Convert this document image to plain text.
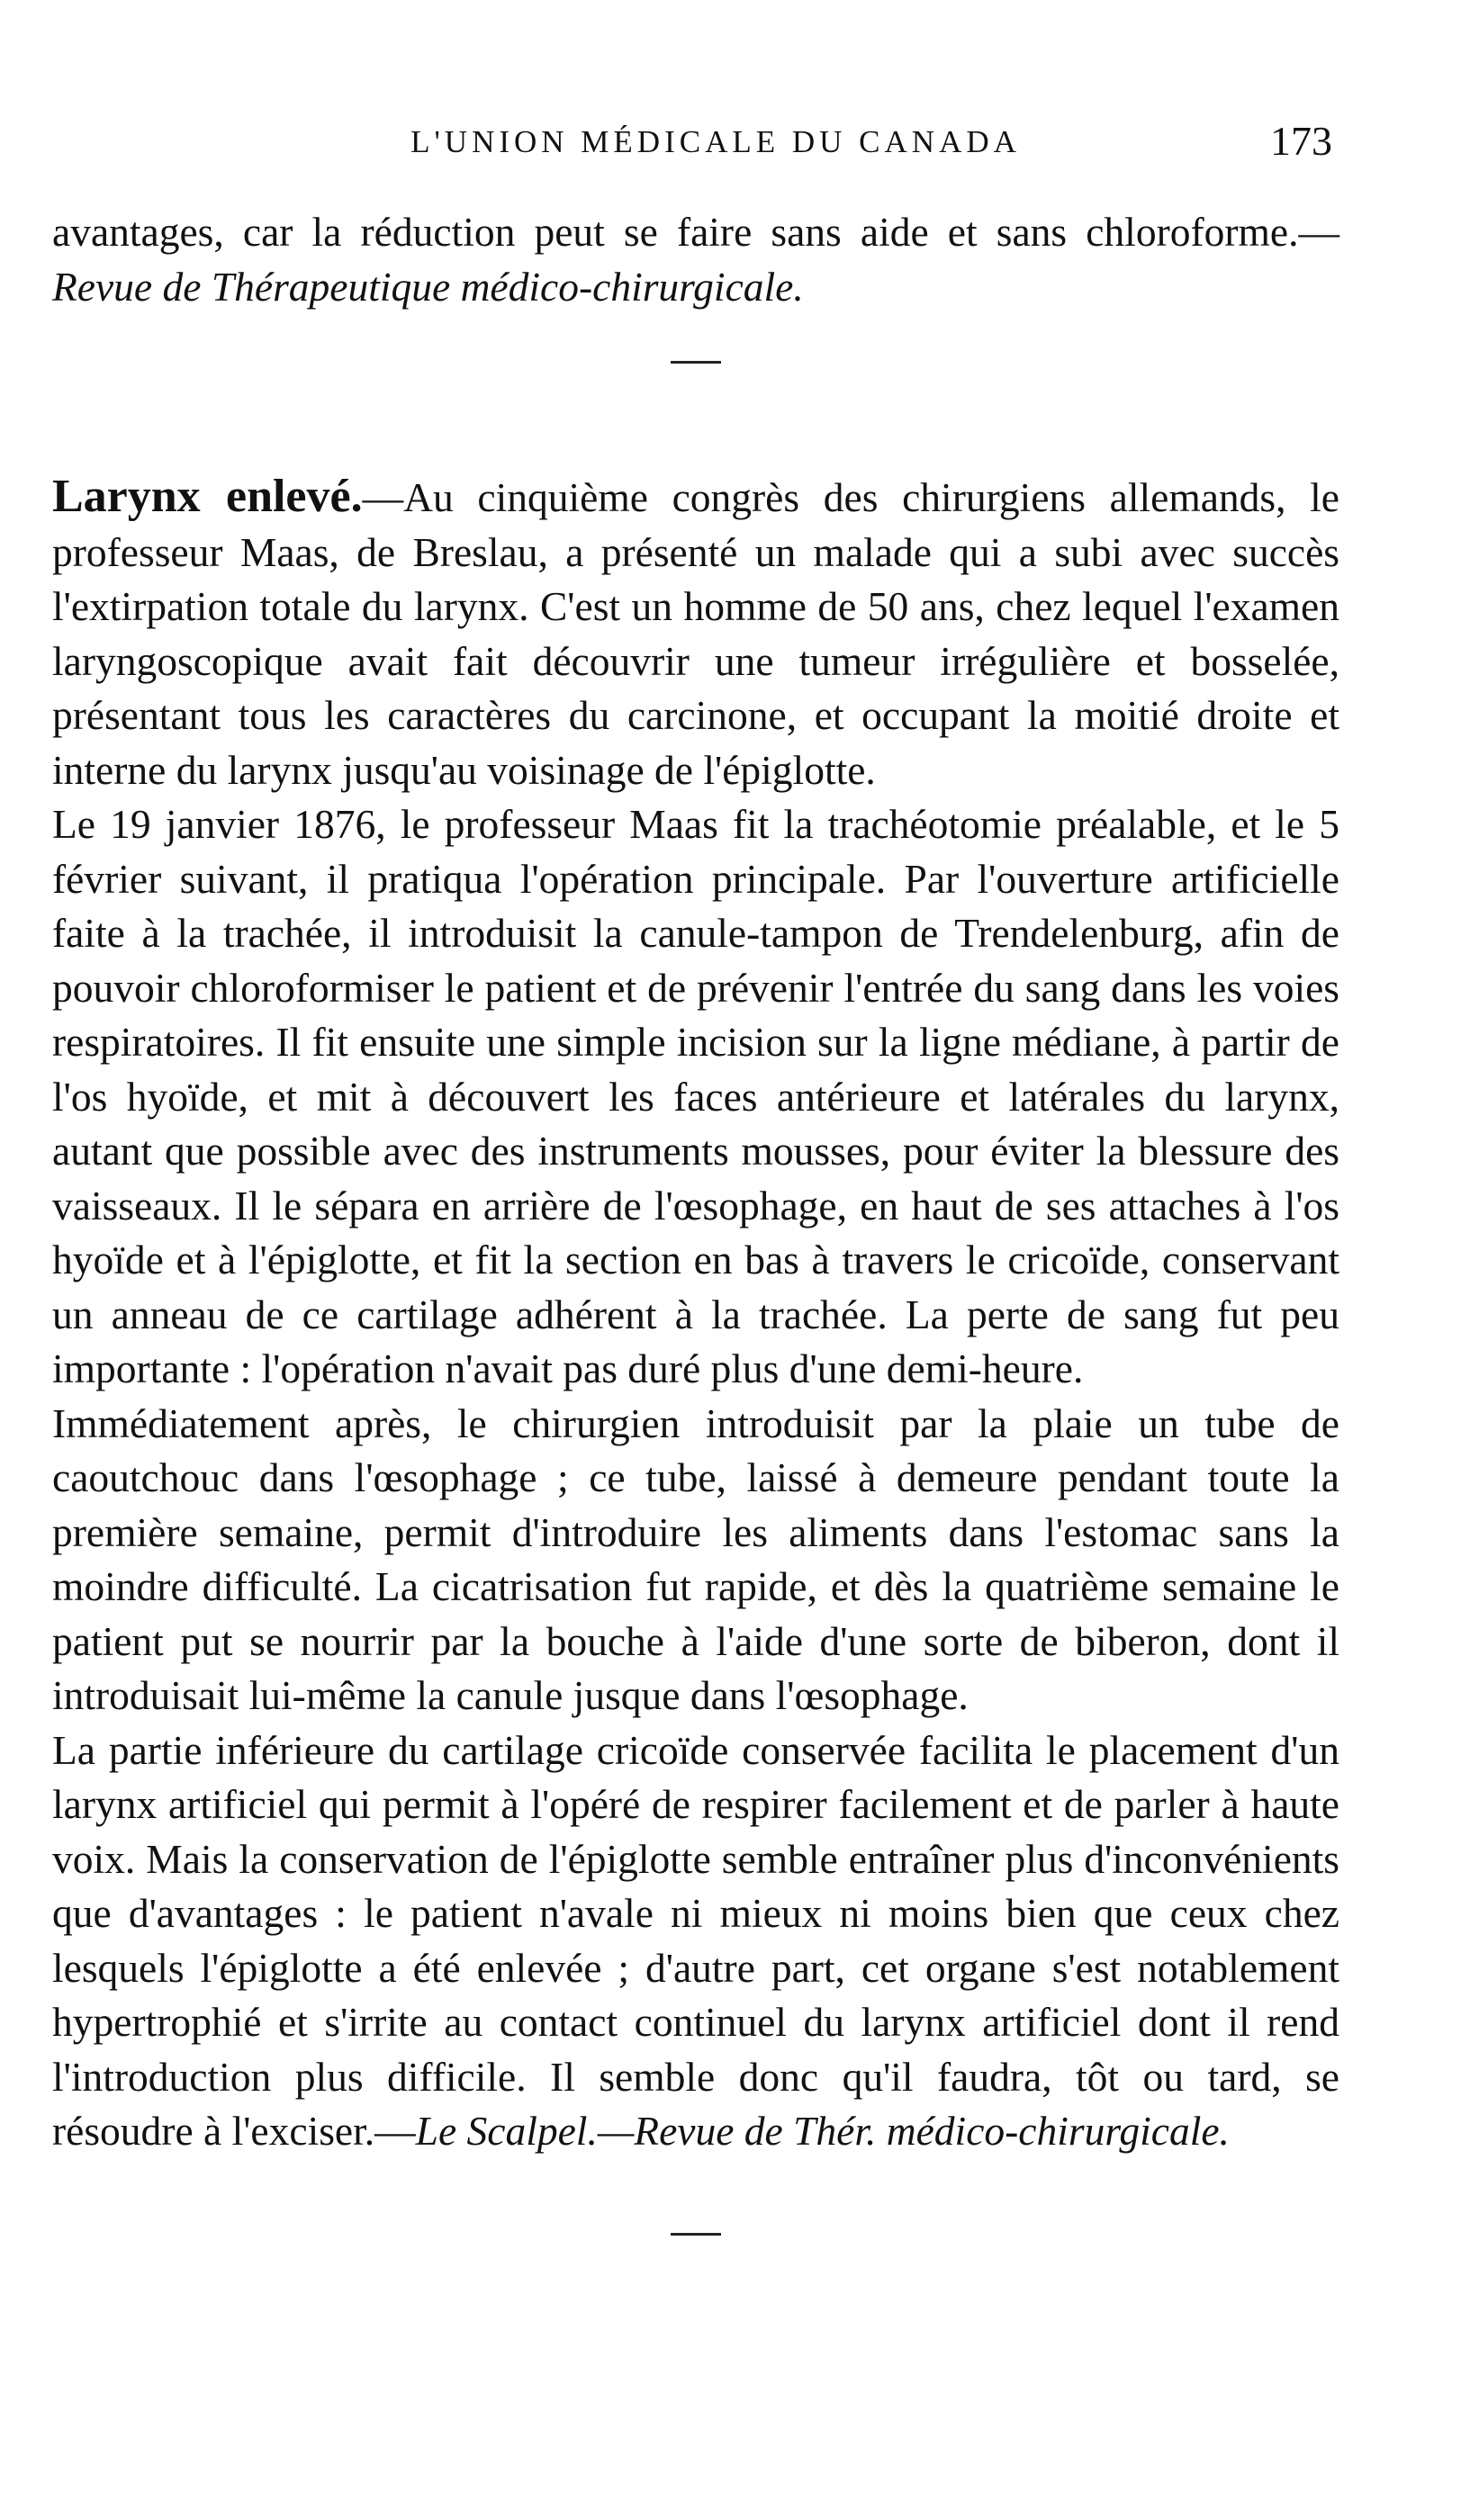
L'UNION MÉDICALE DU CANADA	173

avantages, car la réduction peut se faire sans aide et sans chloroforme.—Revue de Thérapeutique médico-chirurgicale.

Larynx enlevé.—Au cinquième congrès des chirurgiens allemands, le professeur Maas, de Breslau, a présenté un malade qui a subi avec succès l'extirpation totale du larynx. C'est un homme de 50 ans, chez lequel l'examen laryngoscopique avait fait découvrir une tumeur irrégulière et bosselée, présentant tous les caractères du carcinone, et occupant la moitié droite et interne du larynx jusqu'au voisinage de l'épiglotte.

Le 19 janvier 1876, le professeur Maas fit la trachéotomie préalable, et le 5 février suivant, il pratiqua l'opération principale. Par l'ouverture artificielle faite à la trachée, il introduisit la canule-tampon de Trendelenburg, afin de pouvoir chloroformiser le patient et de prévenir l'entrée du sang dans les voies respiratoires. Il fit ensuite une simple incision sur la ligne médiane, à partir de l'os hyoïde, et mit à découvert les faces antérieure et latérales du larynx, autant que possible avec des instruments mousses, pour éviter la blessure des vaisseaux. Il le sépara en arrière de l'œsophage, en haut de ses attaches à l'os hyoïde et à l'épiglotte, et fit la section en bas à travers le cricoïde, conservant un anneau de ce cartilage adhérent à la trachée. La perte de sang fut peu importante : l'opération n'avait pas duré plus d'une demi-heure.

Immédiatement après, le chirurgien introduisit par la plaie un tube de caoutchouc dans l'œsophage ; ce tube, laissé à demeure pendant toute la première semaine, permit d'introduire les aliments dans l'estomac sans la moindre difficulté. La cicatrisation fut rapide, et dès la quatrième semaine le patient put se nourrir par la bouche à l'aide d'une sorte de biberon, dont il introduisait lui-même la canule jusque dans l'œsophage.

La partie inférieure du cartilage cricoïde conservée facilita le placement d'un larynx artificiel qui permit à l'opéré de respirer facilement et de parler à haute voix. Mais la conservation de l'épiglotte semble entraîner plus d'inconvénients que d'avantages : le patient n'avale ni mieux ni moins bien que ceux chez lesquels l'épiglotte a été enlevée ; d'autre part, cet organe s'est notablement hypertrophié et s'irrite au contact continuel du larynx artificiel dont il rend l'introduction plus difficile. Il semble donc qu'il faudra, tôt ou tard, se résoudre à l'exciser.—Le Scalpel.—Revue de Thér. médico-chirurgicale.
